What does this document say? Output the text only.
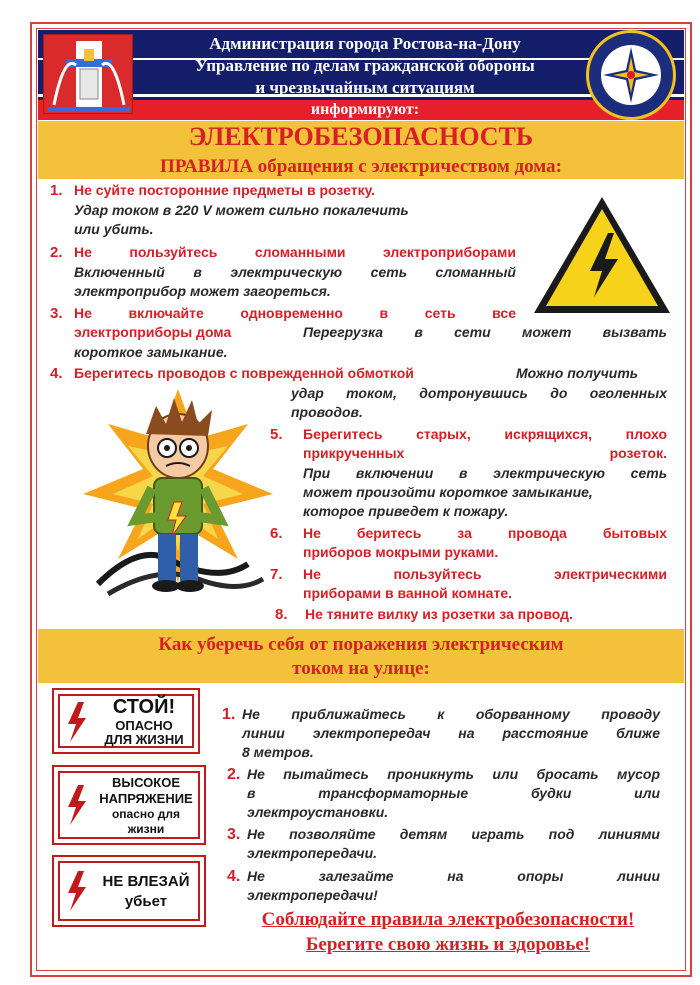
Администрация города Ростова-на-Дону
Управление по делам гражданской обороны
и чрезвычайным ситуациям
информируют:
ЭЛЕКТРОБЕЗОПАСНОСТЬ
ПРАВИЛА обращения с электричеством дома:
1. Не суйте посторонние предметы в розетку.
Удар током в 220 V может сильно покалечить
или убить.
2. Не пользуйтесь сломанными электроприборами
Включенный в электрическую сеть сломанный
электроприбор может загореться.
3. Не включайте одновременно в сеть все
электроприборы дома	Перегрузка в сети может вызвать
короткое замыкание.
4. Берегитесь проводов с поврежденной обмоткой	Можно получить
удар током, дотронувшись до оголенных
проводов.
5. Берегитесь старых, искрящихся, плохо
прикрученных розеток.
При включении в электрическую сеть
может произойти короткое замыкание,
которое приведет к пожару.
6. Не беритесь за провода бытовых
приборов мокрыми руками.
7. Не пользуйтесь электрическими
приборами в ванной комнате.
8. Не тяните вилку из розетки за провод.
Как уберечь себя от поражения электрическим
током на улице:
СТОЙ!
ОПАСНО
ДЛЯ ЖИЗНИ
ВЫСОКОЕ
НАПРЯЖЕНИЕ
опасно для
жизни
НЕ ВЛЕЗАЙ
убьет
1. Не приближайтесь к оборванному проводу
линии электропередач на расстояние ближе
8 метров.
2. Не пытайтесь проникнуть или бросать мусор
в трансформаторные будки или
электроустановки.
3. Не позволяйте детям играть под линиями
электропередачи.
4. Не залезайте на опоры линии
электропередачи!
Соблюдайте правила электробезопасности!
Берегите свою жизнь и здоровье!
